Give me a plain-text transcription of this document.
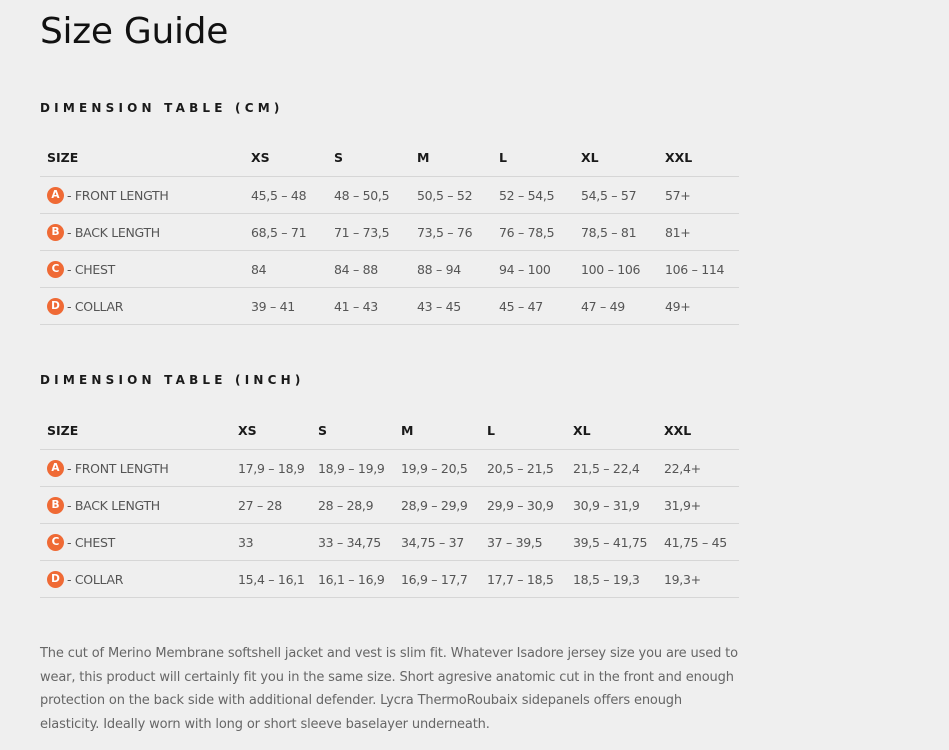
Size Guide
DIMENSION TABLE (CM)
SIZE	XS	S	M	L	XL	XXL
A - FRONT LENGTH	45,5 – 48	48 – 50,5	50,5 – 52	52 – 54,5	54,5 – 57	57+
B - BACK LENGTH	68,5 – 71	71 – 73,5	73,5 – 76	76 – 78,5	78,5 – 81	81+
C - CHEST	84	84 – 88	88 – 94	94 – 100	100 – 106	106 – 114
D - COLLAR	39 – 41	41 – 43	43 – 45	45 – 47	47 – 49	49+
DIMENSION TABLE (INCH)
SIZE	XS	S	M	L	XL	XXL
A - FRONT LENGTH	17,9 – 18,9	18,9 – 19,9	19,9 – 20,5	20,5 – 21,5	21,5 – 22,4	22,4+
B - BACK LENGTH	27 – 28	28 – 28,9	28,9 – 29,9	29,9 – 30,9	30,9 – 31,9	31,9+
C - CHEST	33	33 – 34,75	34,75 – 37	37 – 39,5	39,5 – 41,75	41,75 – 45
D - COLLAR	15,4 – 16,1	16,1 – 16,9	16,9 – 17,7	17,7 – 18,5	18,5 – 19,3	19,3+

The cut of Merino Membrane softshell jacket and vest is slim fit. Whatever Isadore jersey size you are used to wear, this product will certainly fit you in the same size. Short agresive anatomic cut in the front and enough protection on the back side with additional defender. Lycra ThermoRoubaix sidepanels offers enough elasticity. Ideally worn with long or short sleeve baselayer underneath.
